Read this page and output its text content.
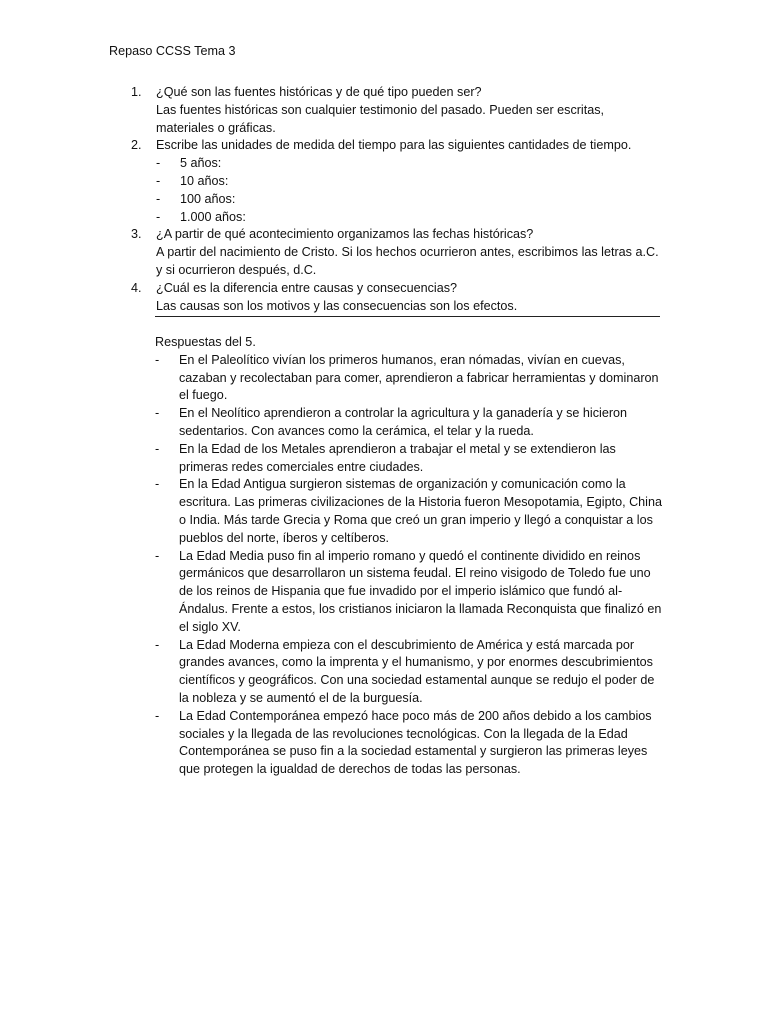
Repaso CCSS Tema 3
1.	¿Qué son las fuentes históricas y de qué tipo pueden ser?
Las fuentes históricas son cualquier testimonio del pasado. Pueden ser escritas, materiales o gráficas.
2.	Escribe las unidades de medida del tiempo para las siguientes cantidades de tiempo.
-	5 años:
-	10 años:
-	100 años:
-	1.000 años:
3.	¿A partir de qué acontecimiento organizamos las fechas históricas?
A partir del nacimiento de Cristo. Si los hechos ocurrieron antes, escribimos las letras a.C. y si ocurrieron después, d.C.
4.	¿Cuál es la diferencia entre causas y consecuencias?
Las causas son los motivos y las consecuencias son los efectos.
Respuestas del 5.
-	En el Paleolítico vivían los primeros humanos, eran nómadas, vivían en cuevas, cazaban y recolectaban para comer, aprendieron a fabricar herramientas y dominaron el fuego.
-	En el Neolítico aprendieron a controlar la agricultura y la ganadería y se hicieron sedentarios. Con avances como la cerámica, el telar y la rueda.
-	En la Edad de los Metales aprendieron a trabajar el metal y se extendieron las primeras redes comerciales entre ciudades.
-	En la Edad Antigua surgieron sistemas de organización y comunicación como la escritura. Las primeras civilizaciones de la Historia fueron Mesopotamia, Egipto, China o India. Más tarde Grecia y Roma que creó un gran imperio y llegó a conquistar a los pueblos del norte, íberos y celtíberos.
-	La Edad Media puso fin al imperio romano y quedó el continente dividido en reinos germánicos que desarrollaron un sistema feudal. El reino visigodo de Toledo fue uno de los reinos de Hispania que fue invadido por el imperio islámico que fundó al-Ándalus. Frente a estos, los cristianos iniciaron la llamada Reconquista que finalizó en el siglo XV.
-	La Edad Moderna empieza con el descubrimiento de América y está marcada por grandes avances, como la imprenta y el humanismo, y por enormes descubrimientos científicos y geográficos. Con una sociedad estamental aunque se redujo el poder de la nobleza y se aumentó el de la burguesía.
-	La Edad Contemporánea empezó hace poco más de 200 años debido a los cambios sociales y la llegada de las revoluciones tecnológicas. Con la llegada de la Edad Contemporánea se puso fin a la sociedad estamental y surgieron las primeras leyes que protegen la igualdad de derechos de todas las personas.
